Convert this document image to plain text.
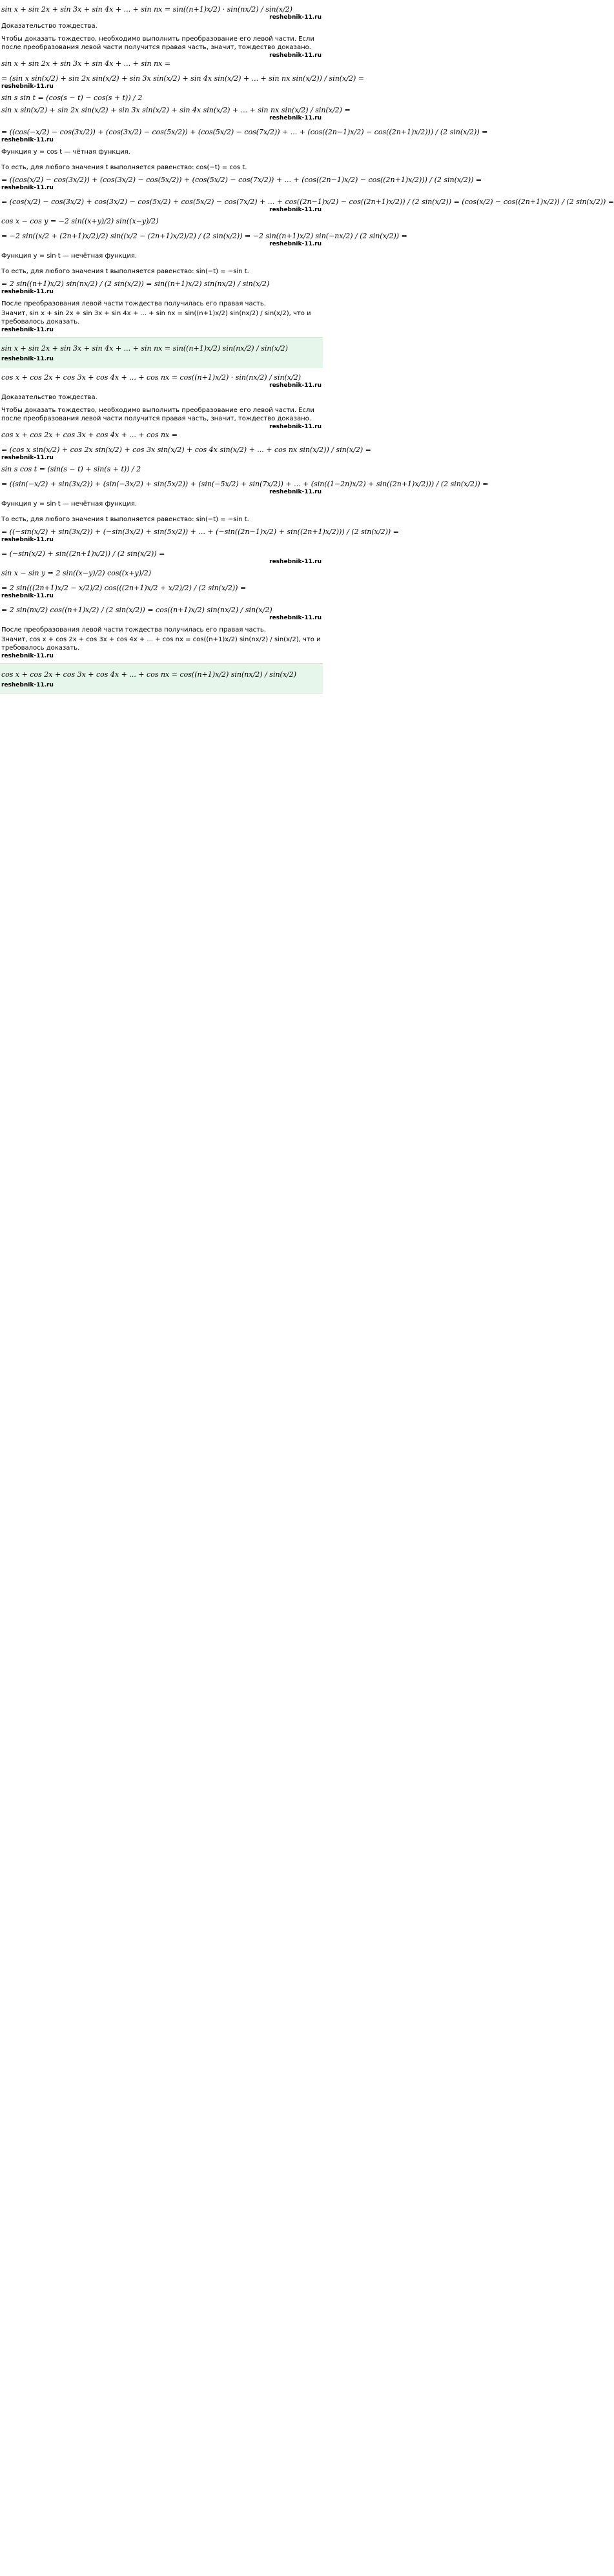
sin x + sin 2x + sin 3x + sin 4x + ... + sin nx = sin((n+1)x/2) · sin(nx/2) / sin(x/2)
reshebnik-11.ru
Доказательство тождества.
Чтобы доказать тождество, необходимо выполнить преобразование его левой части. Если после преобразования левой части получится правая часть, значит, тождество доказано.
reshebnik-11.ru
sin x + sin 2x + sin 3x + sin 4x + ... + sin nx =
= (sin x sin(x/2) + sin 2x sin(x/2) + sin 3x sin(x/2) + sin 4x sin(x/2) + ... + sin nx sin(x/2)) / sin(x/2) =
reshebnik-11.ru
sin s sin t = (cos(s − t) − cos(s + t)) / 2
sin x sin(x/2) + sin 2x sin(x/2) + sin 3x sin(x/2) + sin 4x sin(x/2) + ... + sin nx sin(x/2) / sin(x/2) =
reshebnik-11.ru
= ((cos(−x/2) − cos(3x/2)) + (cos(3x/2) − cos(5x/2)) + (cos(5x/2) − cos(7x/2)) + ... + (cos((2n−1)x/2) − cos((2n+1)x/2))) / (2 sin(x/2)) =
reshebnik-11.ru
Функция y = cos t — чётная функция.
То есть, для любого значения t выполняется равенство: cos(−t) = cos t.
= ((cos(x/2) − cos(3x/2)) + (cos(3x/2) − cos(5x/2)) + (cos(5x/2) − cos(7x/2)) + ... + (cos((2n−1)x/2) − cos((2n+1)x/2))) / (2 sin(x/2)) =
reshebnik-11.ru
= (cos(x/2) − cos(3x/2) + cos(3x/2) − cos(5x/2) + cos(5x/2) − cos(7x/2) + ... + cos((2n−1)x/2) − cos((2n+1)x/2)) / (2 sin(x/2)) = (cos(x/2) − cos((2n+1)x/2)) / (2 sin(x/2)) =
reshebnik-11.ru
cos x − cos y = −2 sin((x+y)/2) sin((x−y)/2)
= −2 sin((x/2 + (2n+1)x/2)/2) sin((x/2 − (2n+1)x/2)/2) / (2 sin(x/2)) = −2 sin((n+1)x/2) sin(−nx/2) / (2 sin(x/2)) =
reshebnik-11.ru
Функция y = sin t — нечётная функция.
То есть, для любого значения t выполняется равенство: sin(−t) = −sin t.
= 2 sin((n+1)x/2) sin(nx/2) / (2 sin(x/2)) = sin((n+1)x/2) sin(nx/2) / sin(x/2)
reshebnik-11.ru
После преобразования левой части тождества получилась его правая часть.
Значит, sin x + sin 2x + sin 3x + sin 4x + ... + sin nx = sin((n+1)x/2) sin(nx/2) / sin(x/2), что и требовалось доказать.
reshebnik-11.ru
sin x + sin 2x + sin 3x + sin 4x + ... + sin nx = sin((n+1)x/2) sin(nx/2) / sin(x/2)
reshebnik-11.ru
cos x + cos 2x + cos 3x + cos 4x + ... + cos nx = cos((n+1)x/2) · sin(nx/2) / sin(x/2)
reshebnik-11.ru
Доказательство тождества.
Чтобы доказать тождество, необходимо выполнить преобразование его левой части. Если после преобразования левой части получится правая часть, значит, тождество доказано.
reshebnik-11.ru
cos x + cos 2x + cos 3x + cos 4x + ... + cos nx =
= (cos x sin(x/2) + cos 2x sin(x/2) + cos 3x sin(x/2) + cos 4x sin(x/2) + ... + cos nx sin(x/2)) / sin(x/2) =
reshebnik-11.ru
sin s cos t = (sin(s − t) + sin(s + t)) / 2
= ((sin(−x/2) + sin(3x/2)) + (sin(−3x/2) + sin(5x/2)) + (sin(−5x/2) + sin(7x/2)) + ... + (sin((1−2n)x/2) + sin((2n+1)x/2))) / (2 sin(x/2)) =
reshebnik-11.ru
Функция y = sin t — нечётная функция.
То есть, для любого значения t выполняется равенство: sin(−t) = −sin t.
= ((−sin(x/2) + sin(3x/2)) + (−sin(3x/2) + sin(5x/2)) + ... + (−sin((2n−1)x/2) + sin((2n+1)x/2))) / (2 sin(x/2)) =
reshebnik-11.ru
= (−sin(x/2) + sin((2n+1)x/2)) / (2 sin(x/2)) =
reshebnik-11.ru
sin x − sin y = 2 sin((x−y)/2) cos((x+y)/2)
= 2 sin(((2n+1)x/2 − x/2)/2) cos(((2n+1)x/2 + x/2)/2) / (2 sin(x/2)) =
reshebnik-11.ru
= 2 sin(nx/2) cos((n+1)x/2) / (2 sin(x/2)) = cos((n+1)x/2) sin(nx/2) / sin(x/2)
reshebnik-11.ru
После преобразования левой части тождества получилась его правая часть.
Значит, cos x + cos 2x + cos 3x + cos 4x + ... + cos nx = cos((n+1)x/2) sin(nx/2) / sin(x/2), что и требовалось доказать.
reshebnik-11.ru
cos x + cos 2x + cos 3x + cos 4x + ... + cos nx = cos((n+1)x/2) sin(nx/2) / sin(x/2)
reshebnik-11.ru
